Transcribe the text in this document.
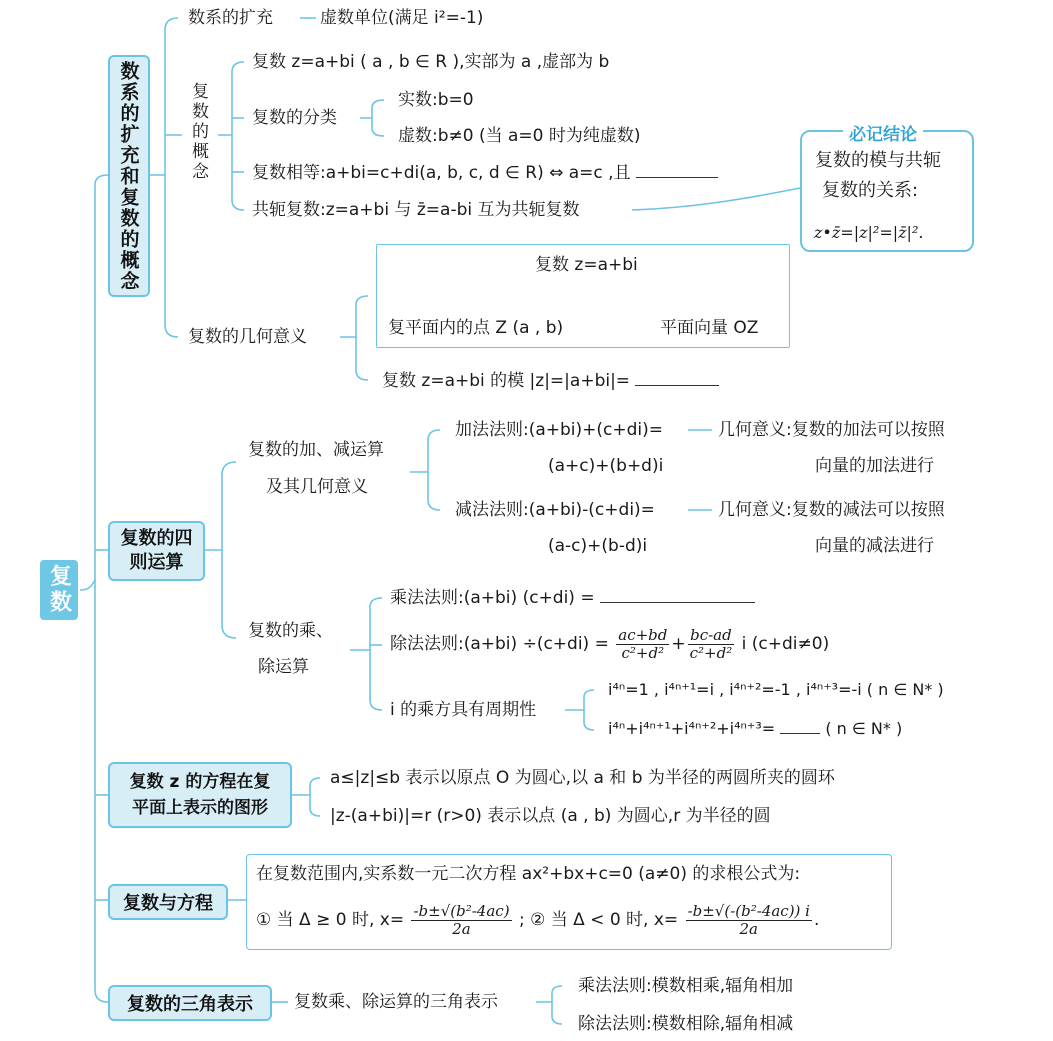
复数
数系的扩充和复数的概念
数系的扩充	虚数单位(满足 i²=-1)
复数的概念
复数 z=a+bi ( a , b ∈ R ),实部为 a ,虚部为 b
复数的分类
实数:b=0
虚数:b≠0 (当 a=0 时为纯虚数)
复数相等:a+bi=c+di(a, b, c, d ∈ R) ⇔ a=c ,且
共轭复数:z=a+bi 与 z̄=a-bi 互为共轭复数
必记结论
复数的模与共轭
复数的关系:
z•z̄=|z|²=|z̄|².
复数的几何意义
复数 z=a+bi
复平面内的点 Z (a , b)	平面向量 OZ
复数 z=a+bi 的模 |z|=|a+bi|=
复数的四则运算
复数的加、减运算
及其几何意义
加法法则:(a+bi)+(c+di)=
(a+c)+(b+d)i
几何意义:复数的加法可以按照
向量的加法进行
减法法则:(a+bi)-(c+di)=
(a-c)+(b-d)i
几何意义:复数的减法可以按照
向量的减法进行
复数的乘、
除运算
乘法法则:(a+bi) (c+di) =
除法法则:(a+bi) $\div(c+di) = \frac{ac+bd}{\text{c²+d²}} + \frac{bc-ad}{\text{c²+d²}}$ i (c+di≠0)
i 的乘方具有周期性
i⁴ⁿ=1 , i⁴ⁿ⁺¹=i , i⁴ⁿ⁺²=-1 , i⁴ⁿ⁺³=-i ( n ∈ N* )
i⁴ⁿ+i⁴ⁿ⁺¹+i⁴ⁿ⁺²+i⁴ⁿ⁺³=	( n ∈ N* )
复数 z 的方程在复
平面上表示的图形
a≤|z|≤b 表示以原点 O 为圆心,以 a 和 b 为半径的两圆所夹的圆环
|z-(a+bi)|=r (r>0) 表示以点 (a , b) 为圆心,r 为半径的圆
复数与方程
在复数范围内,实系数一元二次方程 ax²+bx+c=0 (a≠0) 的求根公式为:
① 当 Δ ≥ 0 时, $x= \frac{\text{-b±√(b²-4ac)}}{2a}$ ; ② 当 Δ < 0 时, $x= \frac{\text{-b±√(-(b²-4ac)) i}}{2a}$ .
复数的三角表示 复数乘、除运算的三角表示
乘法法则:模数相乘,辐角相加
除法法则:模数相除,辐角相减
